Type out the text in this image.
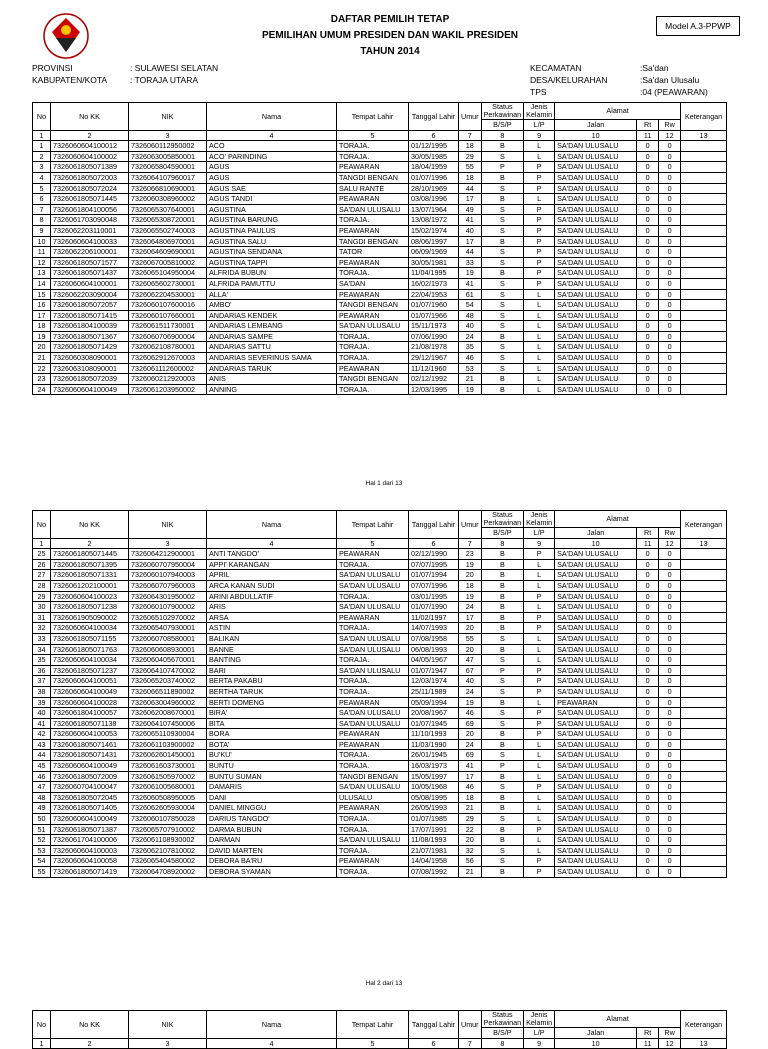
DAFTAR PEMILIH TETAP
PEMILIHAN UMUM PRESIDEN DAN WAKIL PRESIDEN
TAHUN 2014
Model A.3-PPWP
PROVINSI	: SULAWESI SELATAN
KABUPATEN/KOTA	: TORAJA UTARA
KECAMATAN	:Sa'dan
DESA/KELURAHAN	:Sa'dan Ulusalu
TPS	:04 (PEAWARAN)
No	No KK	NIK	Nama	Tempat Lahir	Tanggal Lahir	Umur	Status Perkawinan	Jenis Kelamin	Alamat			Keterangan

							B/S/P	L/P	Jalan	Rt	Rw	
1	2	3	4	5	6	7	8	9	10	11	12	13
1	7326060604100012	7326060112950002	ACO	TORAJA.	01/12/1995	18	B	L	SA'DAN ULUSALU	0	0	
2	7326060604100002	7326063005850001	ACO' PARINDING	TORAJA.	30/05/1985	29	S	L	SA'DAN ULUSALU	0	0	
3	7326061805071389	7326065804590001	AGUS	PEAWARAN	18/04/1959	55	P	P	SA'DAN ULUSALU	0	0	
4	7326061805072003	7326064107960017	AGUS	TANGDI BENGAN	01/07/1996	18	B	P	SA'DAN ULUSALU	0	0	
5	7326061805072024	7326066810690001	AGUS SAE	SALU RANTE	28/10/1969	44	S	P	SA'DAN ULUSALU	0	0	
6	7326061805071445	7326060308960002	AGUS TANDI	PEAWARAN	03/08/1996	17	B	L	SA'DAN ULUSALU	0	0	
7	7326061804100056	7326065307640001	AGUSTINA	SA'DAN ULUSALU	13/07/1964	49	S	P	SA'DAN ULUSALU	0	0	
8	7326061703090048	7326065308720001	AGUSTINA BARUNG	TORAJA.	13/08/1972	41	S	P	SA'DAN ULUSALU	0	0	
9	7326062203110001	7326065502740003	AGUSTINA PAULUS	PEAWARAN	15/02/1974	40	S	P	SA'DAN ULUSALU	0	0	
10	7326060604100033	7326064806970001	AGUSTINA SALU	TANGDI BENGAN	08/06/1997	17	B	P	SA'DAN ULUSALU	0	0	
11	7326062206100001	7326064609690001	AGUSTINA SENDANA	TATOR	06/09/1969	44	S	P	SA'DAN ULUSALU	0	0	
12	7326061805071577	7326067005810002	AGUSTINA TAPPI	PEAWARAN	30/05/1981	33	S	P	SA'DAN ULUSALU	0	0	
13	7326061805071437	7326065104950004	ALFRIDA BUBUN	TORAJA.	11/04/1995	19	B	P	SA'DAN ULUSALU	0	0	
14	7326060604100001	7326065602730001	ALFRIDA PAMUTTU	SA'DAN	16/02/1973	41	S	P	SA'DAN ULUSALU	0	0	
15	7326062203090004	7326062204530001	ALLA'	PEAWARAN	22/04/1953	61	S	L	SA'DAN ULUSALU	0	0	
16	7326061805072057	7326060107600016	AMBO'	TANGDI BENGAN	01/07/1960	54	S	L	SA'DAN ULUSALU	0	0	
17	7326061805071415	7326060107660001	ANDARIAS KENDEK	PEAWARAN	01/07/1966	48	S	L	SA'DAN ULUSALU	0	0	
18	7326061804100039	7326061511730001	ANDARIAS LEMBANG	SA'DAN ULUSALU	15/11/1973	40	S	L	SA'DAN ULUSALU	0	0	
19	7326061805071367	7326060706900004	ANDARIAS SAMPE	TORAJA.	07/06/1990	24	B	L	SA'DAN ULUSALU	0	0	
20	7326061805071429	7326062108780001	ANDARIAS SATTU	TORAJA.	21/08/1978	35	S	L	SA'DAN ULUSALU	0	0	
21	7326060308090001	7326062912670003	ANDARIAS SEVERINUS SAMA	TORAJA.	29/12/1967	46	S	L	SA'DAN ULUSALU	0	0	
22	7326063108090001	7326061112600002	ANDARIAS TARUK	PEAWARAN	11/12/1960	53	S	L	SA'DAN ULUSALU	0	0	
23	7326061805072039	7326060212920003	ANIS	TANGDI BENGAN	02/12/1992	21	B	L	SA'DAN ULUSALU	0	0	
24	7326060604100049	7326061203950002	ANNING	TORAJA.	12/03/1995	19	B	L	SA'DAN ULUSALU	0	0	
No	No KK	NIK	Nama	Tempat Lahir	Tanggal Lahir	Umur	Status Perkawinan	Jenis Kelamin	Alamat			Keterangan

							B/S/P	L/P	Jalan	Rt	Rw	
1	2	3	4	5	6	7	8	9	10	11	12	13
25	7326061805071445	7326064212900001	ANTI TANGDO'	PEAWARAN	02/12/1990	23	B	P	SA'DAN ULUSALU	0	0	
26	7326061805071395	7326060707950004	APPI' KARANGAN	TORAJA.	07/07/1995	19	B	L	SA'DAN ULUSALU	0	0	
27	7326061805071331	7326060107940003	APRIL	SA'DAN ULUSALU	01/07/1994	20	B	L	SA'DAN ULUSALU	0	0	
28	7326061202100001	7326060707960003	ARCA KANAN SUDI	SA'DAN ULUSALU	07/07/1996	18	B	L	SA'DAN ULUSALU	0	0	
29	7326060604100023	7326064301950002	ARINI ABDULLATIF	TORAJA.	03/01/1995	19	B	P	SA'DAN ULUSALU	0	0	
30	7326061805071238	7326060107900002	ARIS	SA'DAN ULUSALU	01/07/1990	24	B	L	SA'DAN ULUSALU	0	0	
31	7326061905090002	7326065102970002	ARSA	PEAWARAN	11/02/1997	17	B	P	SA'DAN ULUSALU	0	0	
32	7326060604100034	7326065407930001	ASTIN	TORAJA.	14/07/1993	20	B	P	SA'DAN ULUSALU	0	0	
33	7326061805071155	7326060708580001	BALIKAN	SA'DAN ULUSALU	07/08/1958	55	S	L	SA'DAN ULUSALU	0	0	
34	7326061805071763	7326060608930001	BANNE	SA'DAN ULUSALU	06/08/1993	20	B	L	SA'DAN ULUSALU	0	0	
35	7326060604100034	7326060405670001	BANTING	TORAJA.	04/05/1967	47	S	L	SA'DAN ULUSALU	0	0	
36	7326061805071237	7326064107470002	BARI	SA'DAN ULUSALU	01/07/1947	67	P	P	SA'DAN ULUSALU	0	0	
37	7326060604100051	7326065203740002	BERTA PAKABU	TORAJA.	12/03/1974	40	S	P	SA'DAN ULUSALU	0	0	
38	7326060604100049	7326066511890002	BERTHA TARUK	TORAJA.	25/11/1989	24	S	P	SA'DAN ULUSALU	0	0	
39	7326060604100028	7326063004960002	BERTI DOMENG	PEAWARAN	05/09/1994	19	B	L	PEAWARAN	0	0	
40	7326061804100057	7326062008670001	BIRA'	SA'DAN ULUSALU	20/08/1967	46	S	P	SA'DAN ULUSALU	0	0	
41	7326061805071138	7326064107450006	BITA	SA'DAN ULUSALU	01/07/1945	69	S	P	SA'DAN ULUSALU	0	0	
42	7326060604100053	7326065110930004	BORA	PEAWARAN	11/10/1993	20	B	P	SA'DAN ULUSALU	0	0	
43	7326061805071461	7326061103900002	BOTA'	PEAWARAN	11/03/1990	24	B	L	SA'DAN ULUSALU	0	0	
44	7326061805071431	7326062601450001	BU'KU'	TORAJA.	26/01/1945	69	S	L	SA'DAN ULUSALU	0	0	
45	7326060604100049	7326061603730001	BUNTU	TORAJA.	16/03/1973	41	P	L	SA'DAN ULUSALU	0	0	
46	7326061805072009	7326061505970002	BUNTU SUMAN	TANGDI BENGAN	15/05/1997	17	B	L	SA'DAN ULUSALU	0	0	
47	7326060704100047	7326061005680001	DAMARIS	SA'DAN ULUSALU	10/05/1968	46	S	P	SA'DAN ULUSALU	0	0	
48	7326061805072045	7326060508950005	DANI	ULUSALU	05/08/1995	18	B	L	SA'DAN ULUSALU	0	0	
49	7326061805071405	7326062605930004	DANIEL MINGGU	PEAWARAN	26/05/1993	21	B	L	SA'DAN ULUSALU	0	0	
50	7326060604100049	7326060107850028	DARIUS TANGDO'	TORAJA.	01/07/1985	29	S	L	SA'DAN ULUSALU	0	0	
51	7326061805071387	7326065707910002	DARMA BUBUN	TORAJA.	17/07/1991	22	B	P	SA'DAN ULUSALU	0	0	
52	7326061704100006	7326061108930002	DARMAN	SA'DAN ULUSALU	11/08/1993	20	B	L	SA'DAN ULUSALU	0	0	
53	7326060604100003	7326062107810002	DAVID MARTEN	TORAJA.	21/07/1981	32	S	L	SA'DAN ULUSALU	0	0	
54	7326060604100058	7326065404580002	DEBORA BA'RU	PEAWARAN	14/04/1958	56	S	P	SA'DAN ULUSALU	0	0	
55	7326061805071419	7326064708920002	DEBORA SYAMAN	TORAJA.	07/08/1992	21	B	P	SA'DAN ULUSALU	0	0	
No	No KK	NIK	Nama	Tempat Lahir	Tanggal Lahir	Umur	Status Perkawinan	Jenis Kelamin	Alamat			Keterangan

							B/S/P	L/P	Jalan	Rt	Rw	
1	2	3	4	5	6	7	8	9	10	11	12	13
Hal 1 dari 13
Hal 2 dari 13
